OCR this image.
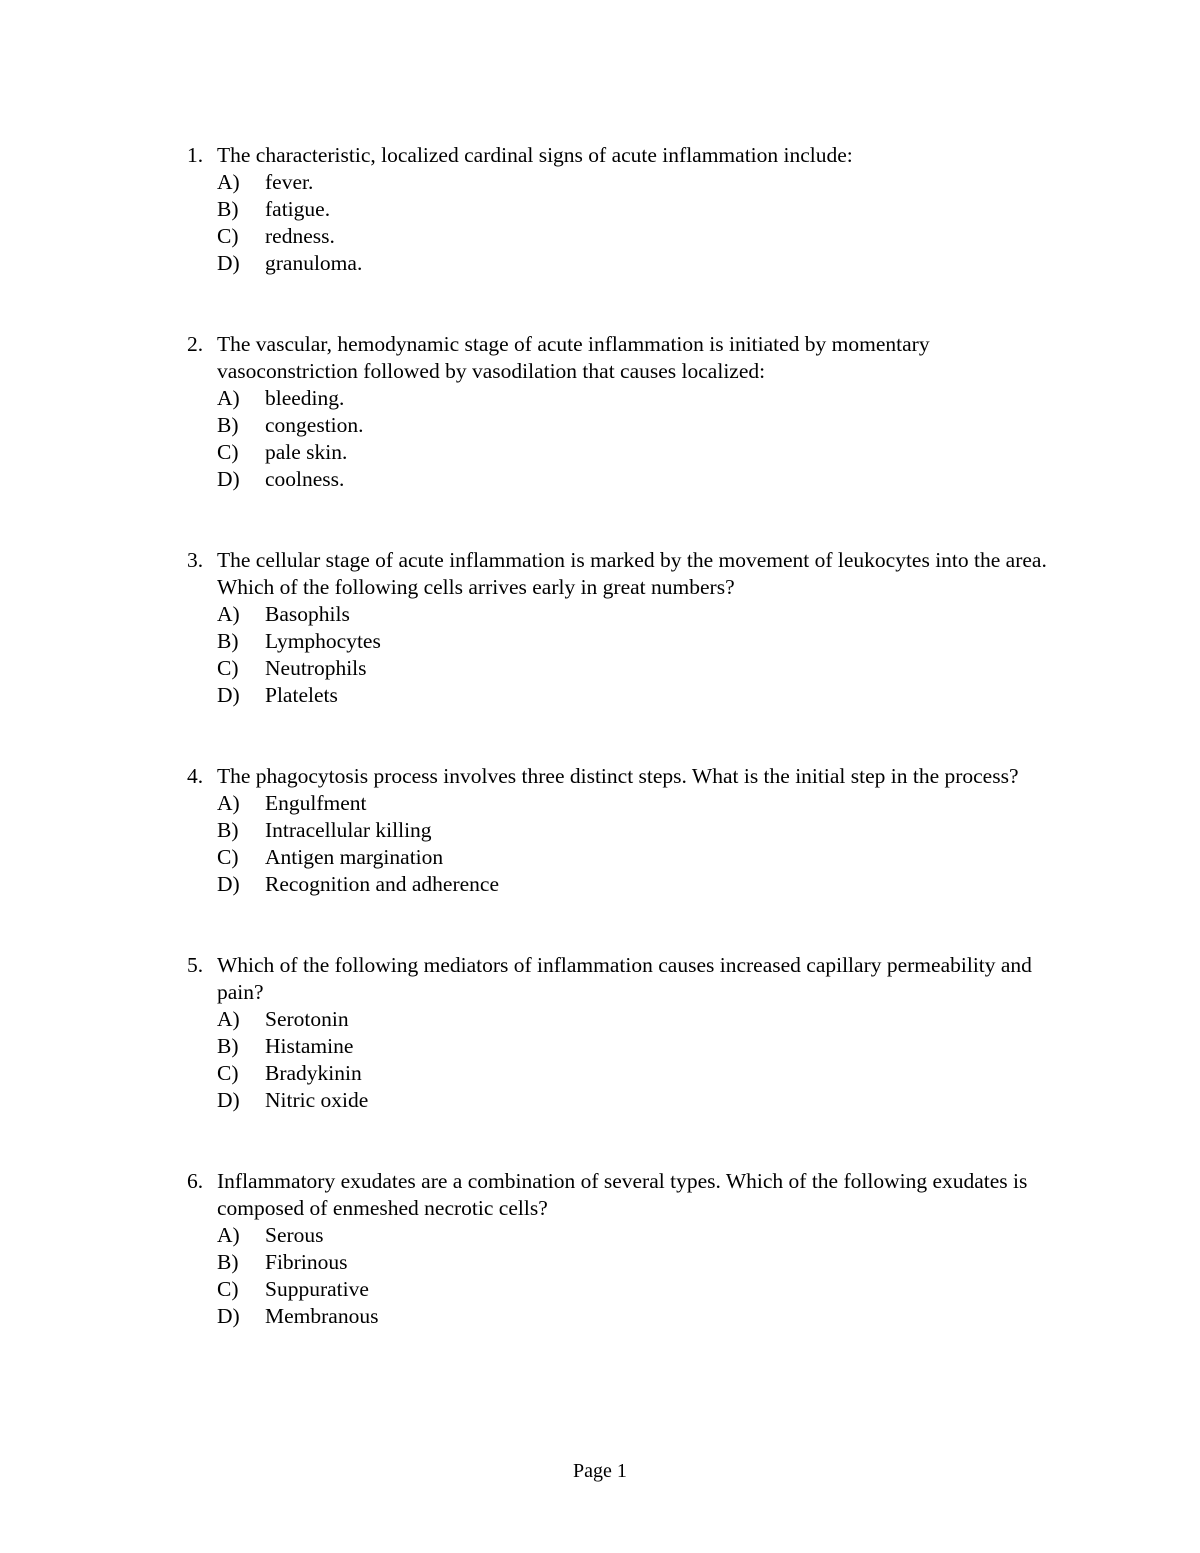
1. The characteristic, localized cardinal signs of acute inflammation include:
A)	fever.
B)	fatigue.
C)	redness.
D)	granuloma.
2. The vascular, hemodynamic stage of acute inflammation is initiated by momentary vasoconstriction followed by vasodilation that causes localized:
A)	bleeding.
B)	congestion.
C)	pale skin.
D)	coolness.
3. The cellular stage of acute inflammation is marked by the movement of leukocytes into the area. Which of the following cells arrives early in great numbers?
A)	Basophils
B)	Lymphocytes
C)	Neutrophils
D)	Platelets
4. The phagocytosis process involves three distinct steps. What is the initial step in the process?
A)	Engulfment
B)	Intracellular killing
C)	Antigen margination
D)	Recognition and adherence
5. Which of the following mediators of inflammation causes increased capillary permeability and pain?
A)	Serotonin
B)	Histamine
C)	Bradykinin
D)	Nitric oxide
6. Inflammatory exudates are a combination of several types. Which of the following exudates is composed of enmeshed necrotic cells?
A)	Serous
B)	Fibrinous
C)	Suppurative
D)	Membranous
Page 1
